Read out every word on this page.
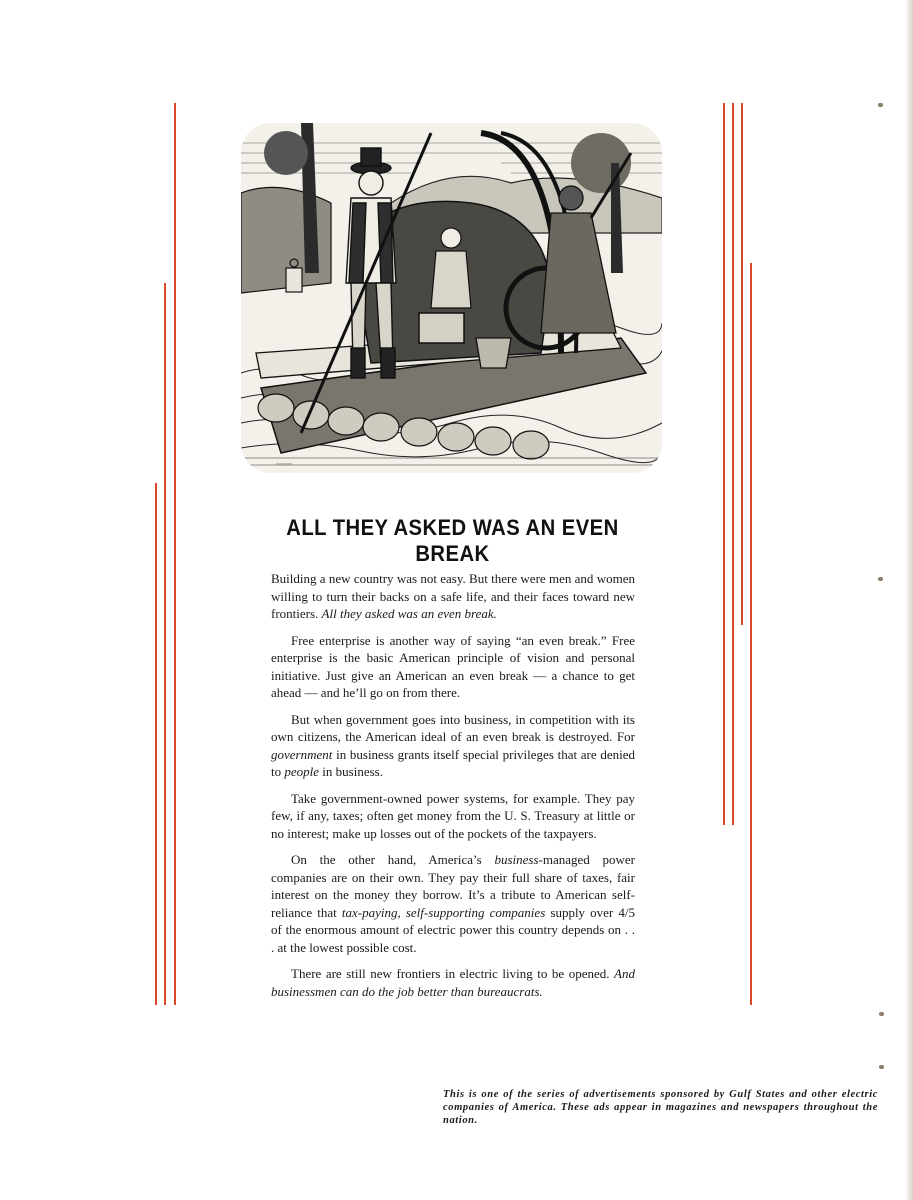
~~~~~
ALL THEY ASKED WAS AN EVEN BREAK

Building a new country was not easy. But there were men and women willing to turn their backs on a safe life, and their faces toward new frontiers. All they asked was an even break.

Free enterprise is another way of saying “an even break.” Free enterprise is the basic American principle of vision and personal initiative. Just give an American an even break — a chance to get ahead — and he’ll go on from there.

But when government goes into business, in competition with its own citizens, the American ideal of an even break is destroyed. For government in business grants itself special privileges that are denied to people in business.

Take government-owned power systems, for example. They pay few, if any, taxes; often get money from the U. S. Treasury at little or no interest; make up losses out of the pockets of the taxpayers.

On the other hand, America’s business-managed power companies are on their own. They pay their full share of taxes, fair interest on the money they borrow. It’s a tribute to American self-reliance that tax-paying, self-supporting companies supply over 4/5 of the enormous amount of electric power this country depends on . . . at the lowest possible cost.

There are still new frontiers in electric living to be opened. And businessmen can do the job better than bureaucrats.

This is one of the series of advertisements sponsored by Gulf States and other electric companies of America. These ads appear in magazines and newspapers throughout the nation.
